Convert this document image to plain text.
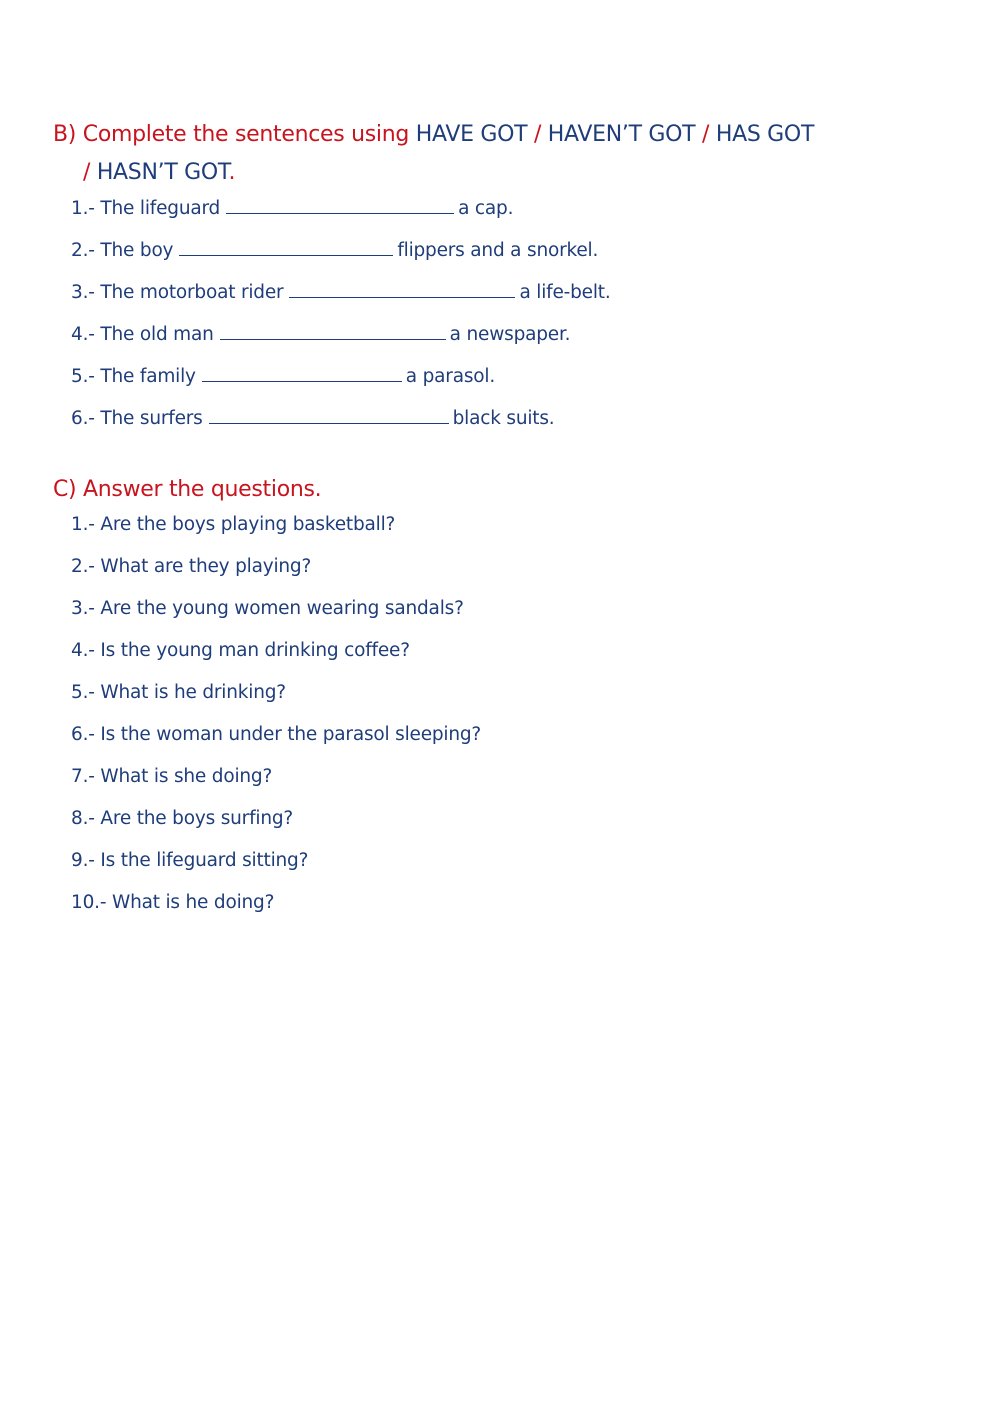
B) Complete the sentences using HAVE GOT / HAVEN’T GOT / HAS GOT
/ HASN’T GOT.
1.- The lifeguard	a cap.
2.- The boy	flippers and a snorkel.
3.- The motorboat rider	a life-belt.
4.- The old man	a newspaper.
5.- The family	a parasol.
6.- The surfers	black suits.
C) Answer the questions.
1.- Are the boys playing basketball?
2.- What are they playing?
3.- Are the young women wearing sandals?
4.- Is the young man drinking coffee?
5.- What is he drinking?
6.- Is the woman under the parasol sleeping?
7.- What is she doing?
8.- Are the boys surfing?
9.- Is the lifeguard sitting?
10.- What is he doing?
